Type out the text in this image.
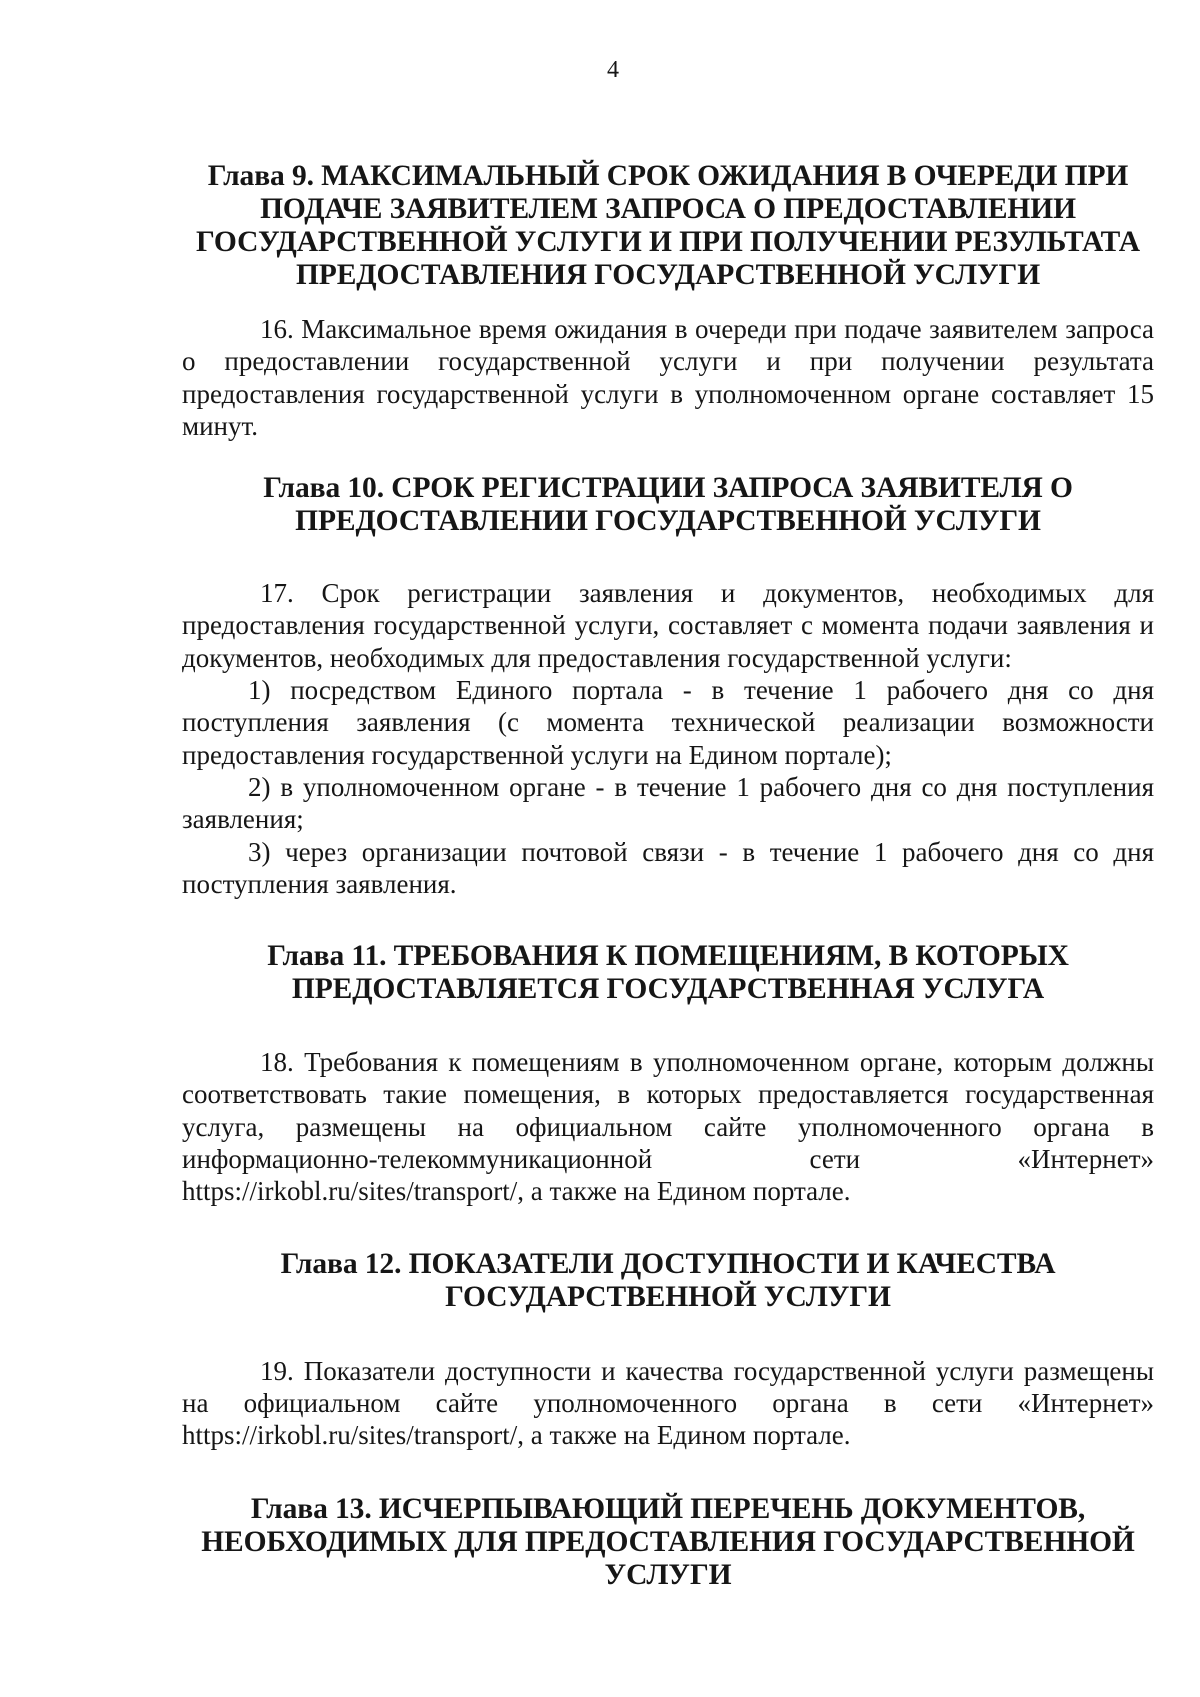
4
Глава 9. МАКСИМАЛЬНЫЙ СРОК ОЖИДАНИЯ В ОЧЕРЕДИ ПРИ ПОДАЧЕ ЗАЯВИТЕЛЕМ ЗАПРОСА О ПРЕДОСТАВЛЕНИИ ГОСУДАРСТВЕННОЙ УСЛУГИ И ПРИ ПОЛУЧЕНИИ РЕЗУЛЬТАТА ПРЕДОСТАВЛЕНИЯ ГОСУДАРСТВЕННОЙ УСЛУГИ

16. Максимальное время ожидания в очереди при подаче заявителем запроса о предоставлении государственной услуги и при получении результата предоставления государственной услуги в уполномоченном органе составляет 15 минут.

Глава 10. СРОК РЕГИСТРАЦИИ ЗАПРОСА ЗАЯВИТЕЛЯ О ПРЕДОСТАВЛЕНИИ ГОСУДАРСТВЕННОЙ УСЛУГИ

17. Срок регистрации заявления и документов, необходимых для предоставления государственной услуги, составляет с момента подачи заявления и документов, необходимых для предоставления государственной услуги:

1) посредством Единого портала - в течение 1 рабочего дня со дня поступления заявления (с момента технической реализации возможности предоставления государственной услуги на Едином портале);

2) в уполномоченном органе - в течение 1 рабочего дня со дня поступления заявления;

3) через организации почтовой связи - в течение 1 рабочего дня со дня поступления заявления.

Глава 11. ТРЕБОВАНИЯ К ПОМЕЩЕНИЯМ, В КОТОРЫХ ПРЕДОСТАВЛЯЕТСЯ ГОСУДАРСТВЕННАЯ УСЛУГА

18. Требования к помещениям в уполномоченном органе, которым должны соответствовать такие помещения, в которых предоставляется государственная услуга, размещены на официальном сайте уполномоченного органа в информационно-телекоммуникационной сети «Интернет» https://irkobl.ru/sites/transport/, а также на Едином портале.

Глава 12. ПОКАЗАТЕЛИ ДОСТУПНОСТИ И КАЧЕСТВА ГОСУДАРСТВЕННОЙ УСЛУГИ

19. Показатели доступности и качества государственной услуги размещены на официальном сайте уполномоченного органа в сети «Интернет» https://irkobl.ru/sites/transport/, а также на Едином портале.

Глава 13. ИСЧЕРПЫВАЮЩИЙ ПЕРЕЧЕНЬ ДОКУМЕНТОВ, НЕОБХОДИМЫХ ДЛЯ ПРЕДОСТАВЛЕНИЯ ГОСУДАРСТВЕННОЙ УСЛУГИ
